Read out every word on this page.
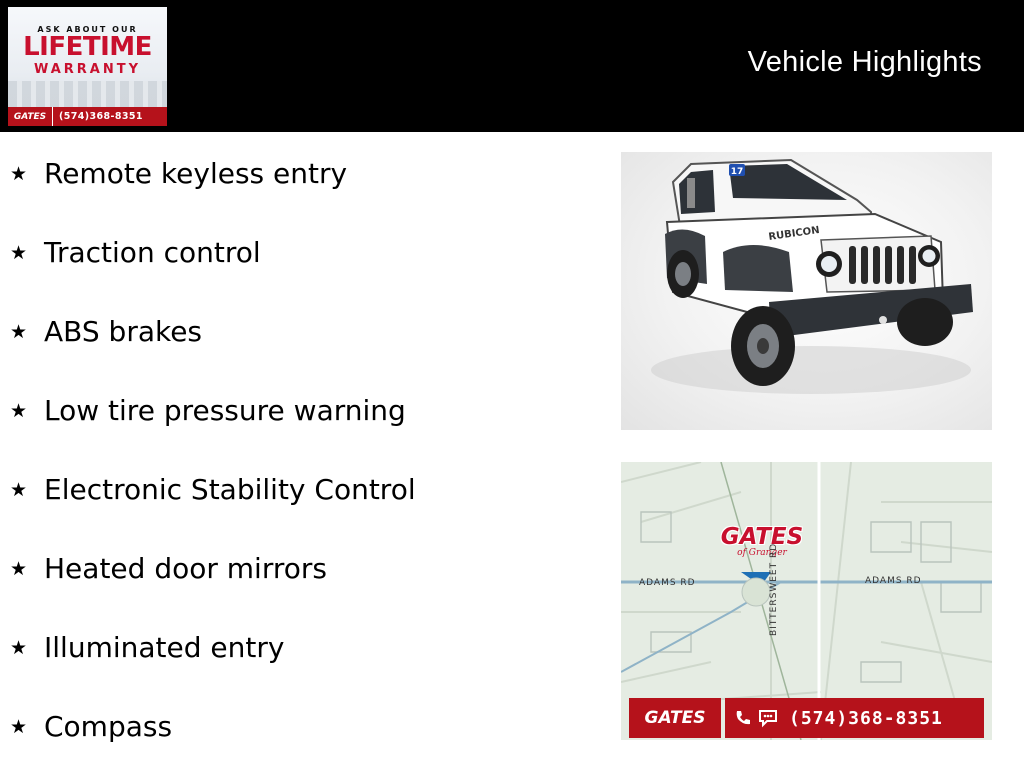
ASK ABOUT OUR
LIFETIME
WARRANTY
GATES	(574)368-8351
Vehicle Highlights
★ Remote keyless entry
★ Traction control
★ ABS brakes
★ Low tire pressure warning
★ Electronic Stability Control
★ Heated door mirrors
★ Illuminated entry
★ Compass
17
RUBICON
GATES
of Granger
ADAMS RD	ADAMS RD
BITTERSWEET RD
GATES	(574)368-8351
